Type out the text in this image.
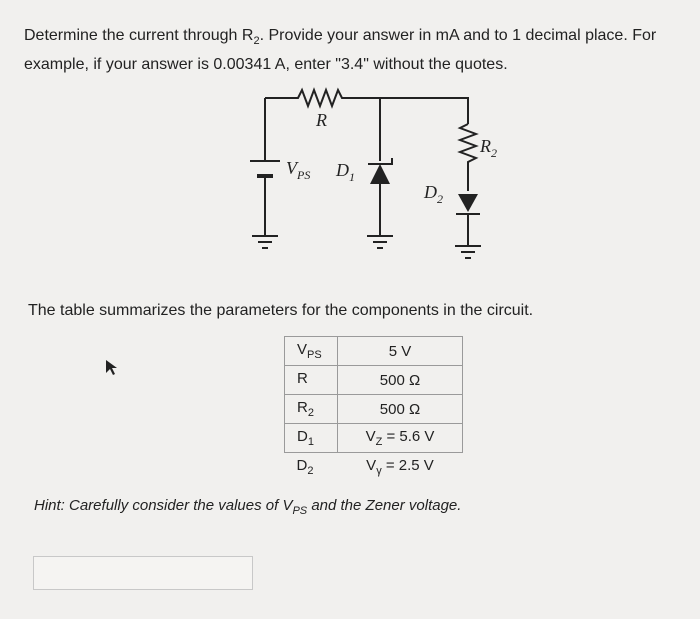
Determine the current through $R_2$. Provide your answer in mA and to 1 decimal place. For example, if your answer is 0.00341 A, enter "3.4" without the quotes.
R
$R_2$
$V_{PS}$ $D_1$
$D_2$
The table summarizes the parameters for the components in the circuit.
$V_{PS}$	5 V
R	500 Ω
$R_2$	500 Ω
$D_1$	$V_Z = 5.6$ V
$D_2$	$V_\gamma = 2.5$ V
Hint: Carefully consider the values of $V_{PS}$ and the Zener voltage.
